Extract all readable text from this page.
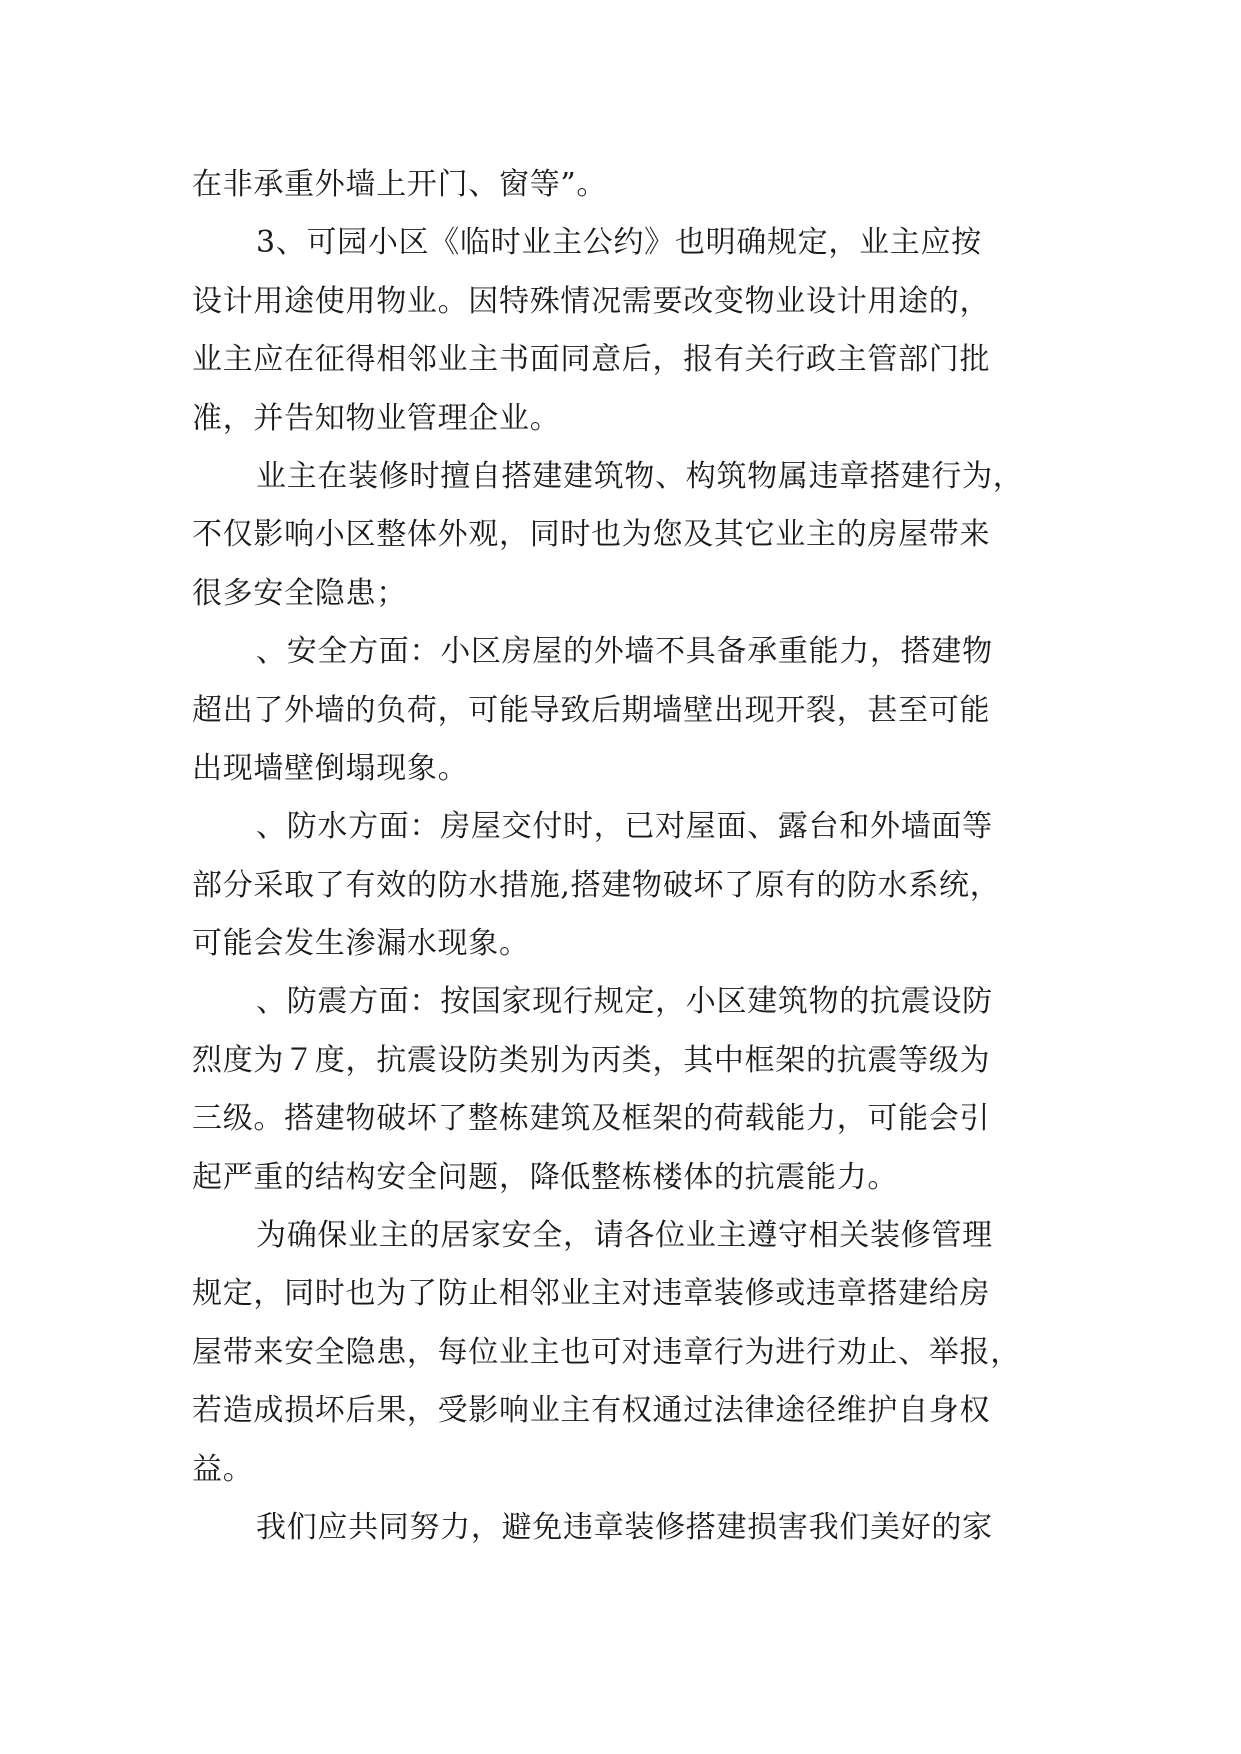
在非承重外墙上开门、窗等”。
3、可园小区《临时业主公约》也明确规定，业主应按
设计用途使用物业。因特殊情况需要改变物业设计用途的，
业主应在征得相邻业主书面同意后，报有关行政主管部门批
准，并告知物业管理企业。
业主在装修时擅自搭建建筑物、构筑物属违章搭建行为，
不仅影响小区整体外观，同时也为您及其它业主的房屋带来
很多安全隐患；
、安全方面：小区房屋的外墙不具备承重能力，搭建物
超出了外墙的负荷，可能导致后期墙壁出现开裂，甚至可能
出现墙壁倒塌现象。
、防水方面：房屋交付时，已对屋面、露台和外墙面等
部分采取了有效的防水措施,搭建物破坏了原有的防水系统，
可能会发生渗漏水现象。
、防震方面：按国家现行规定，小区建筑物的抗震设防
烈度为７度，抗震设防类别为丙类，其中框架的抗震等级为
三级。搭建物破坏了整栋建筑及框架的荷载能力，可能会引
起严重的结构安全问题，降低整栋楼体的抗震能力。
为确保业主的居家安全，请各位业主遵守相关装修管理
规定，同时也为了防止相邻业主对违章装修或违章搭建给房
屋带来安全隐患，每位业主也可对违章行为进行劝止、举报，
若造成损坏后果，受影响业主有权通过法律途径维护自身权
益。
我们应共同努力，避免违章装修搭建损害我们美好的家
